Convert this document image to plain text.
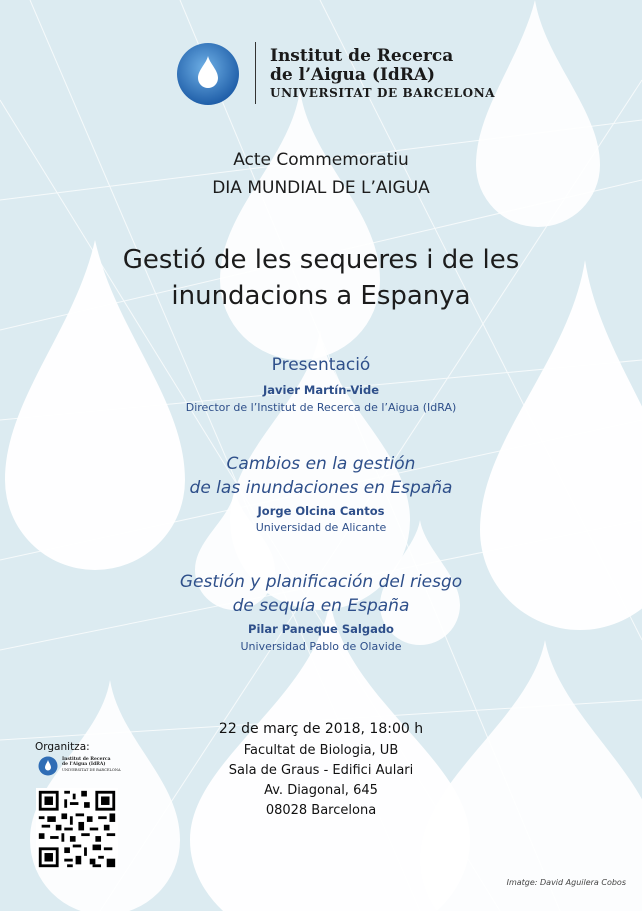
Institut de Recerca
de l’Aigua (IdRA)
UNIVERSITAT DE BARCELONA
Acte Commemoratiu
DIA MUNDIAL DE L’AIGUA
Gestió de les sequeres i de les
inundacions a Espanya
Presentació
Javier Martín-Vide
Director de l’Institut de Recerca de l’Aigua (IdRA)
Cambios en la gestión
de las inundaciones en España
Jorge Olcina Cantos
Universidad de Alicante
Gestión y planificación del riesgo
de sequía en España
Pilar Paneque Salgado
Universidad Pablo de Olavide
22 de març de 2018, 18:00 h
Facultat de Biologia, UB
Sala de Graus - Edifici Aulari
Av. Diagonal, 645
08028 Barcelona
Organitza:
Institut de Recerca
de l'Aigua (IdRA)
UNIVERSITAT DE BARCELONA
Imatge: David Aguilera Cobos
